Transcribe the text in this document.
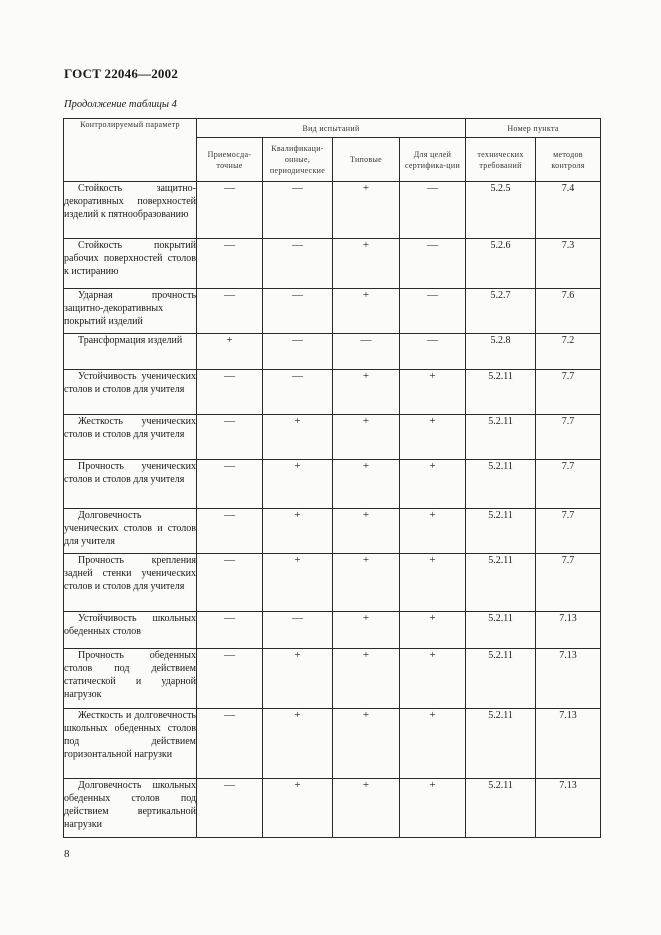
ГОСТ 22046—2002
Продолжение таблицы 4
Контролируемый параметр	Вид испытаний				Номер пункта	
	Приемосда-точные	Квалификаци-онные, периодические	Типовые	Для целей сертифика-ции	технических требований	методов контроля
Стойкость защитно-декоративных поверхностей изделий к пятнообразованию	—	—	+	—	5.2.5	7.4
Стойкость покрытий рабочих поверхностей столов к истиранию	—	—	+	—	5.2.6	7.3
Ударная прочность защитно-декоративных покрытий изделий	—	—	+	—	5.2.7	7.6
Трансформация изделий	+	—	—	—	5.2.8	7.2
Устойчивость ученических столов и столов для учителя	—	—	+	+	5.2.11	7.7
Жесткость ученических столов и столов для учителя	—	+	+	+	5.2.11	7.7
Прочность ученических столов и столов для учителя	—	+	+	+	5.2.11	7.7
Долговечность ученических столов и столов для учителя	—	+	+	+	5.2.11	7.7
Прочность крепления задней стенки ученических столов и столов для учителя	—	+	+	+	5.2.11	7.7
Устойчивость школьных обеденных столов	—	—	+	+	5.2.11	7.13
Прочность обеденных столов под действием статической и ударной нагрузок	—	+	+	+	5.2.11	7.13
Жесткость и долговечность школьных обеденных столов под действием горизонтальной нагрузки	—	+	+	+	5.2.11	7.13
Долговечность школьных обеденных столов под действием вертикальной нагрузки	—	+	+	+	5.2.11	7.13
8
